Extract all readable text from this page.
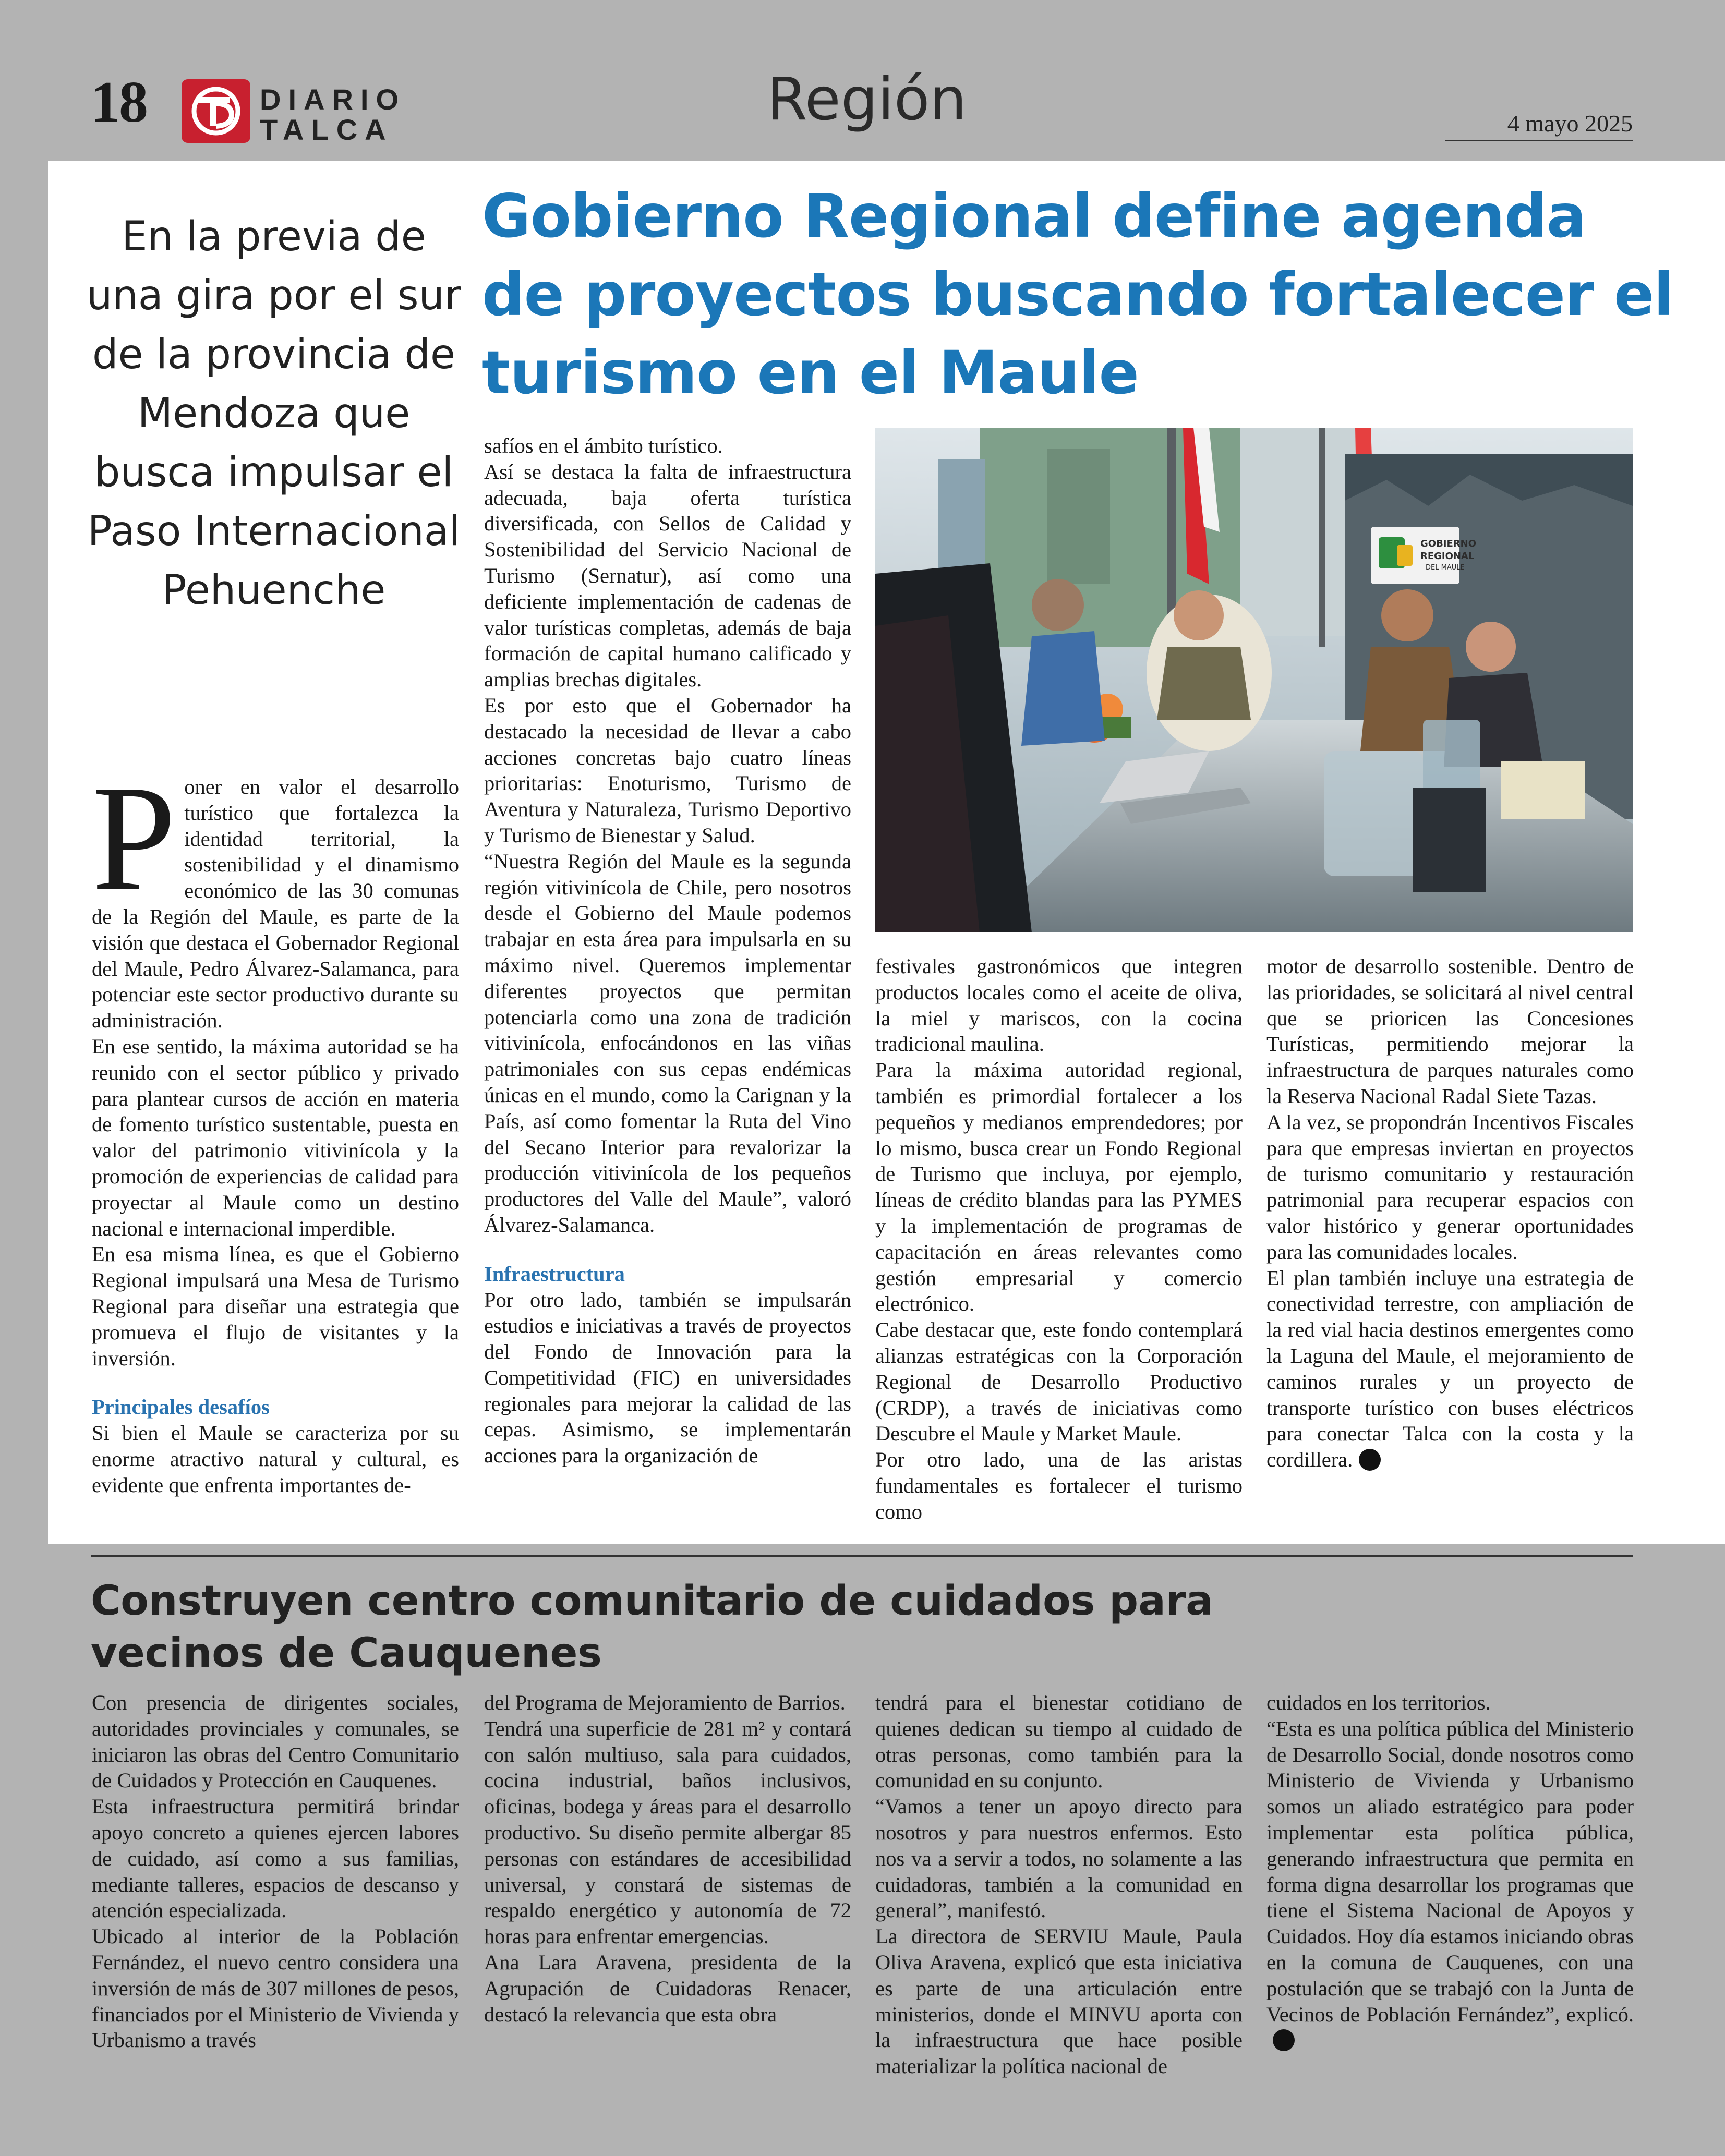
18	DIARIO
TALCA	Región	4 mayo 2025
Gobierno Regional define agenda de proyectos buscando fortalecer el turismo en el Maule
En la previa de una gira por el sur de la provincia de Mendoza que busca impulsar el Paso Internacional Pehuenche
P oner en valor el desarrollo turístico que fortalezca la identidad territorial, la sostenibilidad y el dinamismo económico de las 30 comunas de la Región del Maule, es parte de la visión que destaca el Gobernador Regional del Maule, Pedro Álvarez-Salamanca, para potenciar este sector productivo durante su administración.

En ese sentido, la máxima autoridad se ha reunido con el sector público y privado para plantear cursos de acción en materia de fomento turístico sustentable, puesta en valor del patrimonio vitivinícola y la promoción de experiencias de calidad para proyectar al Maule como un destino nacional e internacional imperdible.

En esa misma línea, es que el Gobierno Regional impulsará una Mesa de Turismo Regional para diseñar una estrategia que promueva el flujo de visitantes y la inversión.

Principales desafíos

Si bien el Maule se caracteriza por su enorme atractivo natural y cultural, es evidente que enfrenta importantes de-

safíos en el ámbito turístico.

Así se destaca la falta de infraestructura adecuada, baja oferta turística diversificada, con Sellos de Calidad y Sostenibilidad del Servicio Nacional de Turismo (Sernatur), así como una deficiente implementación de cadenas de valor turísticas completas, además de baja formación de capital humano calificado y amplias brechas digitales.

Es por esto que el Gobernador ha destacado la necesidad de llevar a cabo acciones concretas bajo cuatro líneas prioritarias: Enoturismo, Turismo de Aventura y Naturaleza, Turismo Deportivo y Turismo de Bienestar y Salud.

“Nuestra Región del Maule es la segunda región vitivinícola de Chile, pero nosotros desde el Gobierno del Maule podemos trabajar en esta área para impulsarla en su máximo nivel. Queremos implementar diferentes proyectos que permitan potenciarla como una zona de tradición vitivinícola, enfocándonos en las viñas patrimoniales con sus cepas endémicas únicas en el mundo, como la Carignan y la País, así como fomentar la Ruta del Vino del Secano Interior para revalorizar la producción vitivinícola de los pequeños productores del Valle del Maule”, valoró Álvarez-Salamanca.

Infraestructura

Por otro lado, también se impulsarán estudios e iniciativas a través de proyectos del Fondo de Innovación para la Competitividad (FIC) en universidades regionales para mejorar la calidad de las cepas. Asimismo, se implementarán acciones para la organización de

GOBIERNO
REGIONAL
DEL MAULE

festivales gastronómicos que integren productos locales como el aceite de oliva, la miel y mariscos, con la cocina tradicional maulina.

Para la máxima autoridad regional, también es primordial fortalecer a los pequeños y medianos emprendedores; por lo mismo, busca crear un Fondo Regional de Turismo que incluya, por ejemplo, líneas de crédito blandas para las PYMES y la implementación de programas de capacitación en áreas relevantes como gestión empresarial y comercio electrónico.

Cabe destacar que, este fondo contemplará alianzas estratégicas con la Corporación Regional de Desarrollo Productivo (CRDP), a través de iniciativas como Descubre el Maule y Market Maule.

Por otro lado, una de las aristas fundamentales es fortalecer el turismo como

motor de desarrollo sostenible. Dentro de las prioridades, se solicitará al nivel central que se prioricen las Concesiones Turísticas, permitiendo mejorar la infraestructura de parques naturales como la Reserva Nacional Radal Siete Tazas.

A la vez, se propondrán Incentivos Fiscales para que empresas inviertan en proyectos de turismo comunitario y restauración patrimonial para recuperar espacios con valor histórico y generar oportunidades para las comunidades locales.

El plan también incluye una estrategia de conectividad terrestre, con ampliación de la red vial hacia destinos emergentes como la Laguna del Maule, el mejoramiento de caminos rurales y un proyecto de transporte turístico con buses eléctricos para conectar Talca con la costa y la cordillera.

Construyen centro comunitario de cuidados para vecinos de Cauquenes

Con presencia de dirigentes sociales, autoridades provinciales y comunales, se iniciaron las obras del Centro Comunitario de Cuidados y Protección en Cauquenes.

Esta infraestructura permitirá brindar apoyo concreto a quienes ejercen labores de cuidado, así como a sus familias, mediante talleres, espacios de descanso y atención especializada.

Ubicado al interior de la Población Fernández, el nuevo centro considera una inversión de más de 307 millones de pesos, financiados por el Ministerio de Vivienda y Urbanismo a través

del Programa de Mejoramiento de Barrios.

Tendrá una superficie de 281 m² y contará con salón multiuso, sala para cuidados, cocina industrial, baños inclusivos, oficinas, bodega y áreas para el desarrollo productivo. Su diseño permite albergar 85 personas con estándares de accesibilidad universal, y constará de sistemas de respaldo energético y autonomía de 72 horas para enfrentar emergencias.

Ana Lara Aravena, presidenta de la Agrupación de Cuidadoras Renacer, destacó la relevancia que esta obra

tendrá para el bienestar cotidiano de quienes dedican su tiempo al cuidado de otras personas, como también para la comunidad en su conjunto.

“Vamos a tener un apoyo directo para nosotros y para nuestros enfermos. Esto nos va a servir a todos, no solamente a las cuidadoras, también a la comunidad en general”, manifestó.

La directora de SERVIU Maule, Paula Oliva Aravena, explicó que esta iniciativa es parte de una articulación entre ministerios, donde el MINVU aporta con la infraestructura que hace posible materializar la política nacional de

cuidados en los territorios.

“Esta es una política pública del Ministerio de Desarrollo Social, donde nosotros como Ministerio de Vivienda y Urbanismo somos un aliado estratégico para poder implementar esta política pública, generando infraestructura que permita en forma digna desarrollar los programas que tiene el Sistema Nacional de Apoyos y Cuidados. Hoy día estamos iniciando obras en la comuna de Cauquenes, con una postulación que se trabajó con la Junta de Vecinos de Población Fernández”, explicó.
